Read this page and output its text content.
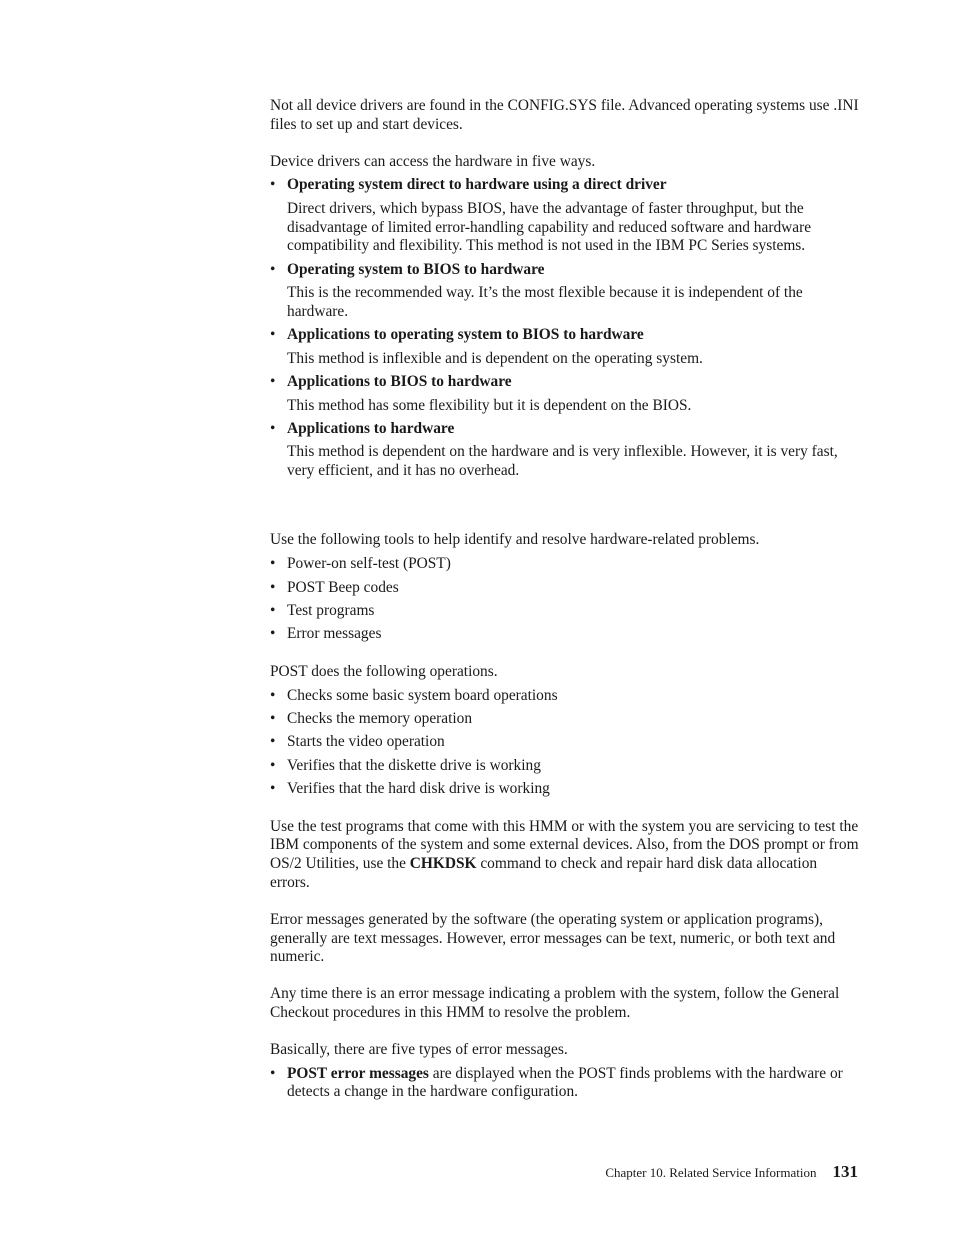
Not all device drivers are found in the CONFIG.SYS file. Advanced operating systems use .INI files to set up and start devices.

Device drivers can access the hardware in five ways.

• Operating system direct to hardware using a direct driver
Direct drivers, which bypass BIOS, have the advantage of faster throughput, but the disadvantage of limited error-handling capability and reduced software and hardware compatibility and flexibility. This method is not used in the IBM PC Series systems.
• Operating system to BIOS to hardware
This is the recommended way. It’s the most flexible because it is independent of the hardware.
• Applications to operating system to BIOS to hardware
This method is inflexible and is dependent on the operating system.
• Applications to BIOS to hardware
This method has some flexibility but it is dependent on the BIOS.
• Applications to hardware
This method is dependent on the hardware and is very inflexible. However, it is very fast, very efficient, and it has no overhead.

Use the following tools to help identify and resolve hardware-related problems.

• Power-on self-test (POST)
• POST Beep codes
• Test programs
• Error messages

POST does the following operations.

• Checks some basic system board operations
• Checks the memory operation
• Starts the video operation
• Verifies that the diskette drive is working
• Verifies that the hard disk drive is working

Use the test programs that come with this HMM or with the system you are servicing to test the IBM components of the system and some external devices. Also, from the DOS prompt or from OS/2 Utilities, use the CHKDSK command to check and repair hard disk data allocation errors.

Error messages generated by the software (the operating system or application programs), generally are text messages. However, error messages can be text, numeric, or both text and numeric.

Any time there is an error message indicating a problem with the system, follow the General Checkout procedures in this HMM to resolve the problem.

Basically, there are five types of error messages.

• POST error messages are displayed when the POST finds problems with the hardware or detects a change in the hardware configuration.
Chapter 10. Related Service Information 131
